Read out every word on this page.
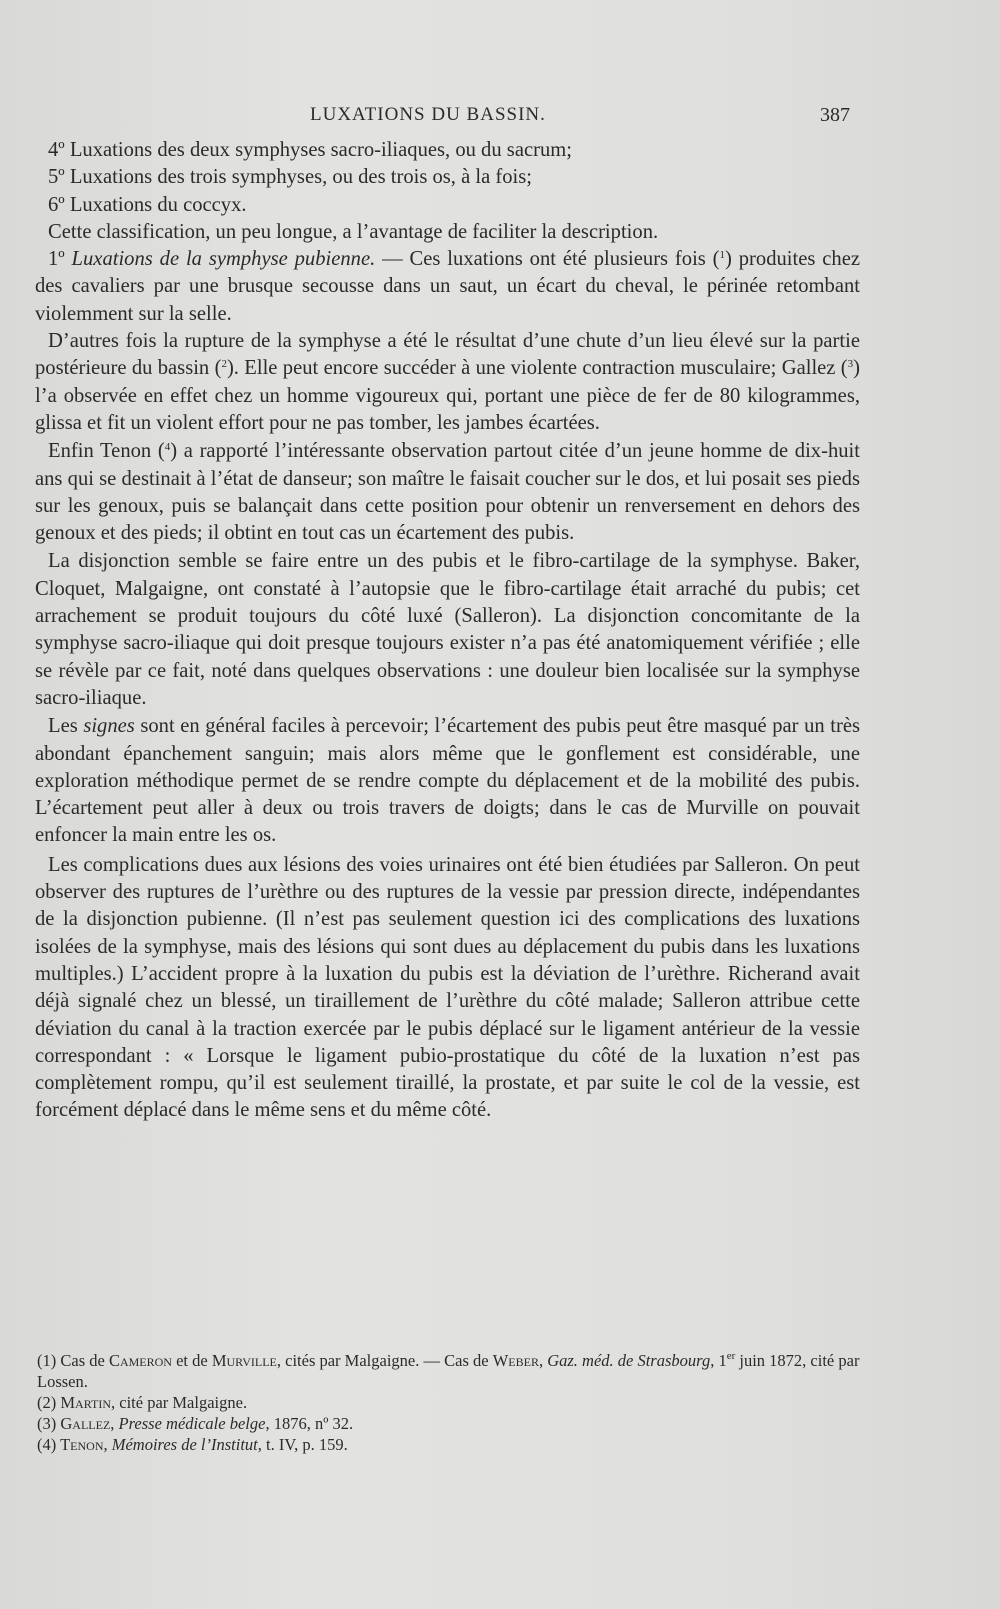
LUXATIONS DU BASSIN.	387

4º Luxations des deux symphyses sacro-iliaques, ou du sacrum;

5º Luxations des trois symphyses, ou des trois os, à la fois;

6º Luxations du coccyx.

Cette classification, un peu longue, a l’avantage de faciliter la description.

1º Luxations de la symphyse pubienne. — Ces luxations ont été plusieurs fois ($^1$) produites chez des cavaliers par une brusque secousse dans un saut, un écart du cheval, le périnée retombant violemment sur la selle.

D’autres fois la rupture de la symphyse a été le résultat d’une chute d’un lieu élevé sur la partie postérieure du bassin ($^2$). Elle peut encore succéder à une violente contraction musculaire; Gallez ($^3$) l’a observée en effet chez un homme vigoureux qui, portant une pièce de fer de 80 kilogrammes, glissa et fit un violent effort pour ne pas tomber, les jambes écartées.

Enfin Tenon ($^4$) a rapporté l’intéressante observation partout citée d’un jeune homme de dix-huit ans qui se destinait à l’état de danseur; son maître le faisait coucher sur le dos, et lui posait ses pieds sur les genoux, puis se balançait dans cette position pour obtenir un renversement en dehors des genoux et des pieds; il obtint en tout cas un écartement des pubis.

La disjonction semble se faire entre un des pubis et le fibro-cartilage de la symphyse. Baker, Cloquet, Malgaigne, ont constaté à l’autopsie que le fibro-cartilage était arraché du pubis; cet arrachement se produit toujours du côté luxé (Salleron). La disjonction concomitante de la symphyse sacro-iliaque qui doit presque toujours exister n’a pas été anatomiquement vérifiée ; elle se révèle par ce fait, noté dans quelques observations : une douleur bien localisée sur la symphyse sacro-iliaque.

Les signes sont en général faciles à percevoir; l’écartement des pubis peut être masqué par un très abondant épanchement sanguin; mais alors même que le gonflement est considérable, une exploration méthodique permet de se rendre compte du déplacement et de la mobilité des pubis. L’écartement peut aller à deux ou trois travers de doigts; dans le cas de Murville on pouvait enfoncer la main entre les os.

Les complications dues aux lésions des voies urinaires ont été bien étudiées par Salleron. On peut observer des ruptures de l’urèthre ou des ruptures de la vessie par pression directe, indépendantes de la disjonction pubienne. (Il n’est pas seulement question ici des complications des luxations isolées de la symphyse, mais des lésions qui sont dues au déplacement du pubis dans les luxations multiples.) L’accident propre à la luxation du pubis est la déviation de l’urèthre. Richerand avait déjà signalé chez un blessé, un tiraillement de l’urèthre du côté malade; Salleron attribue cette déviation du canal à la traction exercée par le pubis déplacé sur le ligament antérieur de la vessie correspondant : « Lorsque le ligament pubio-prostatique du côté de la luxation n’est pas complètement rompu, qu’il est seulement tiraillé, la prostate, et par suite le col de la vessie, est forcément déplacé dans le même sens et du même côté.

(1) Cas de Cameron et de Murville, cités par Malgaigne. — Cas de Weber, Gaz. méd. de Strasbourg, 1er juin 1872, cité par Lossen.

(2) Martin, cité par Malgaigne.

(3) Gallez, Presse médicale belge, 1876, nº 32.

(4) Tenon, Mémoires de l’Institut, t. IV, p. 159.
